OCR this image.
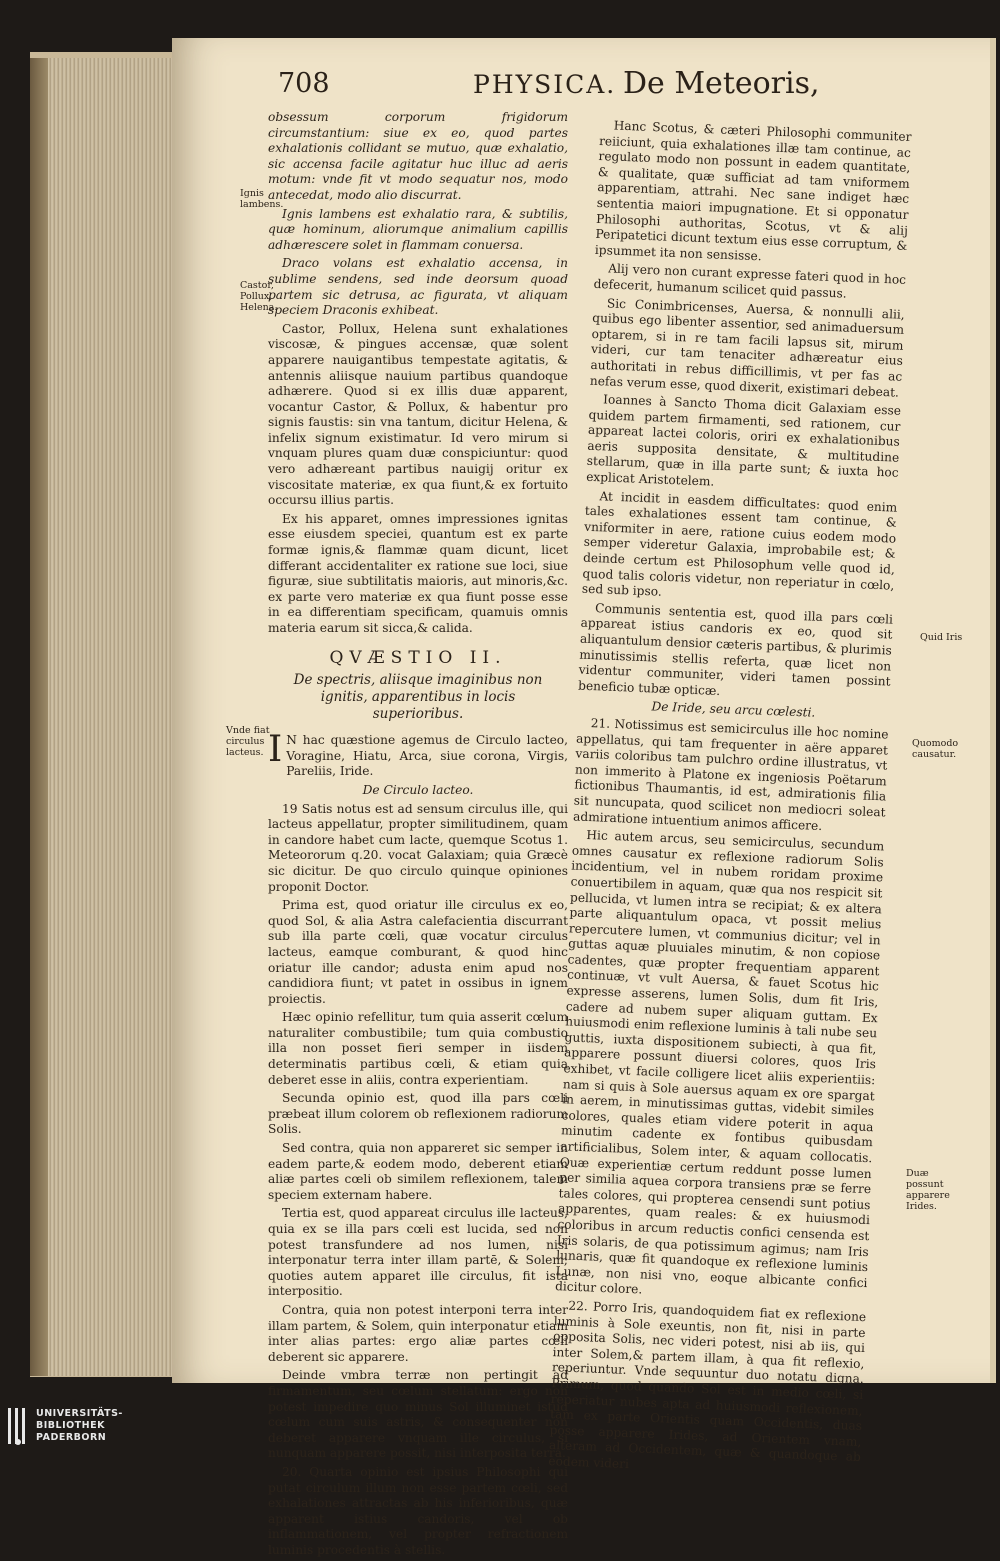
708	PHYSICA. De Meteoris,
Ignis lambens.
Castor, Pollux, Helena.
Vnde fiat circulus lacteus.
Quid Iris
Quomodo causatur.
Duæ possunt apparere Irides.

obsessum corporum frigidorum circumstantium: siue ex eo, quod partes exhalationis collidant se mutuo, quæ exhalatio, sic accensa facile agitatur huc illuc ad aeris motum: vnde fit vt modo sequatur nos, modo antecedat, modo alio discurrat.

Ignis lambens est exhalatio rara, & subtilis, quæ hominum, aliorumque animalium capillis adhærescere solet in flammam conuersa.

Draco volans est exhalatio accensa, in sublime sendens, sed inde deorsum quoad partem sic detrusa, ac figurata, vt aliquam speciem Draconis exhibeat.

Castor, Pollux, Helena sunt exhalationes viscosæ, & pingues accensæ, quæ solent apparere nauigantibus tempestate agitatis, & antennis aliisque nauium partibus quandoque adhærere. Quod si ex illis duæ apparent, vocantur Castor, & Pollux, & habentur pro signis faustis: sin vna tantum, dicitur Helena, & infelix signum existimatur. Id vero mirum si vnquam plures quam duæ conspiciuntur: quod vero adhæreant partibus nauigij oritur ex viscositate materiæ, ex qua fiunt,& ex fortuito occursu illius partis.

Ex his apparet, omnes impressiones ignitas esse eiusdem speciei, quantum est ex parte formæ ignis,& flammæ quam dicunt, licet differant accidentaliter ex ratione sue loci, siue figuræ, siue subtilitatis maioris, aut minoris,&c. ex parte vero materiæ ex qua fiunt posse esse in ea differentiam specificam, quamuis omnis materia earum sit sicca,& calida.

QVÆSTIO II.
De spectris, aliisque imaginibus non ignitis, apparentibus in locis superioribus.

I N hac quæstione agemus de Circulo lacteo, Voragine, Hiatu, Arca, siue corona, Virgis, Pareliis, Iride.

De Circulo lacteo.

19 Satis notus est ad sensum circulus ille, qui lacteus appellatur, propter similitudinem, quam in candore habet cum lacte, quemque Scotus 1. Meteororum q.20. vocat Galaxiam; quia Græcè sic dicitur. De quo circulo quinque opiniones proponit Doctor.

Prima est, quod oriatur ille circulus ex eo, quod Sol, & alia Astra calefacientia discurrant sub illa parte cœli, quæ vocatur circulus lacteus, eamque comburant, & quod hinc oriatur ille candor; adusta enim apud nos candidiora fiunt; vt patet in ossibus in ignem proiectis.

Hæc opinio refellitur, tum quia asserit cœlum naturaliter combustibile; tum quia combustio illa non posset fieri semper in iisdem determinatis partibus cœli, & etiam quia deberet esse in aliis, contra experientiam.

Secunda opinio est, quod illa pars cœli præbeat illum colorem ob reflexionem radiorum Solis.

Sed contra, quia non appareret sic semper in eadem parte,& eodem modo, deberent etiam aliæ partes cœli ob similem reflexionem, talem speciem externam habere.

Tertia est, quod appareat circulus ille lacteus, quia ex se illa pars cœli est lucida, sed non potest transfundere ad nos lumen, nisi interponatur terra inter illam partē, & Solem; quoties autem apparet ille circulus, fit ista interpositio.

Contra, quia non potest interponi terra inter illam partem, & Solem, quin interponatur etiam inter alias partes: ergo aliæ partes cœli deberent sic apparere.

Deinde vmbra terræ non pertingit ad firmamentum, seu cœlum stellatum: ergo non potest impedire quo minus Sol illuminet istud cœlum cum suis astris, & consequenter non deberet apparere vnquam ille circulus, si nunquam apparere possit, nisi interposita terra.

20. Quarta opinio est ipsius Philosophi qui putat circulum illum non esse partem cœli, sed exhalationes attractas ab his inferioribus, quæ apparent istius candoris, vel ob inflammationem, vel propter refractionem luminis procedentis à stellis.

Hanc Scotus, & cæteri Philosophi communiter reiiciunt, quia exhalationes illæ tam continue, ac regulato modo non possunt in eadem quantitate, & qualitate, quæ sufficiat ad tam vniformem apparentiam, attrahi. Nec sane indiget hæc sententia maiori impugnatione. Et si opponatur Philosophi authoritas, Scotus, vt & alij Peripatetici dicunt textum eius esse corruptum, & ipsummet ita non sensisse.

Alij vero non curant expresse fateri quod in hoc defecerit, humanum scilicet quid passus.

Sic Conimbricenses, Auersa, & nonnulli alii, quibus ego libenter assentior, sed animaduersum optarem, si in re tam facili lapsus sit, mirum videri, cur tam tenaciter adhæreatur eius authoritati in rebus difficillimis, vt per fas ac nefas verum esse, quod dixerit, existimari debeat.

Ioannes à Sancto Thoma dicit Galaxiam esse quidem partem firmamenti, sed rationem, cur appareat lactei coloris, oriri ex exhalationibus aeris supposita densitate, & multitudine stellarum, quæ in illa parte sunt; & iuxta hoc explicat Aristotelem.

At incidit in easdem difficultates: quod enim tales exhalationes essent tam continue, & vniformiter in aere, ratione cuius eodem modo semper videretur Galaxia, improbabile est; & deinde certum est Philosophum velle quod id, quod talis coloris videtur, non reperiatur in cœlo, sed sub ipso.

Communis sententia est, quod illa pars cœli appareat istius candoris ex eo, quod sit aliquantulum densior cæteris partibus, & plurimis minutissimis stellis referta, quæ licet non videntur communiter, videri tamen possint beneficio tubæ opticæ.

De Iride, seu arcu cœlesti.

21. Notissimus est semicirculus ille hoc nomine appellatus, qui tam frequenter in aëre apparet variis coloribus tam pulchro ordine illustratus, vt non immerito à Platone ex ingeniosis Poëtarum fictionibus Thaumantis, id est, admirationis filia sit nuncupata, quod scilicet non mediocri soleat admiratione intuentium animos afficere.

Hic autem arcus, seu semicirculus, secundum omnes causatur ex reflexione radiorum Solis incidentium, vel in nubem roridam proxime conuertibilem in aquam, quæ qua nos respicit sit pellucida, vt lumen intra se recipiat; & ex altera parte aliquantulum opaca, vt possit melius repercutere lumen, vt communius dicitur; vel in guttas aquæ pluuiales minutim, & non copiose cadentes, quæ propter frequentiam apparent continuæ, vt vult Auersa, & fauet Scotus hic expresse asserens, lumen Solis, dum fit Iris, cadere ad nubem super aliquam guttam. Ex huiusmodi enim reflexione luminis à tali nube seu guttis, iuxta dispositionem subiecti, à qua fit, apparere possunt diuersi colores, quos Iris exhibet, vt facile colligere licet aliis experientiis: nam si quis à Sole auersus aquam ex ore spargat in aerem, in minutissimas guttas, videbit similes colores, quales etiam videre poterit in aqua minutim cadente ex fontibus quibusdam artificialibus, Solem inter, & aquam collocatis. Quæ experientiæ certum reddunt posse lumen per similia aquea corpora transiens præ se ferre tales colores, qui propterea censendi sunt potius apparentes, quam reales: & ex huiusmodi coloribus in arcum reductis confici censenda est Iris solaris, de qua potissimum agimus; nam Iris lunaris, quæ fit quandoque ex reflexione luminis Lunæ, non nisi vno, eoque albicante confici dicitur colore.

22. Porro Iris, quandoquidem fiat ex reflexione luminis à Sole exeuntis, non fit, nisi in parte opposita Solis, nec videri potest, nisi ab iis, qui inter Solem,& partem illam, à qua fit reflexio, reperiuntur. Vnde sequuntur duo notatu digna. Primum, quod quando Sol est in medio cœli, si reperiatur nubes apta ad huiusmodi reflexionem, tam ex parte Orientis quam Occidentis, duas posse apparere Irides, ad Orientem vnam, alteram ad Occidentem, quæ & quandoque ab eodem videri

UNIVERSITÄTS-
BIBLIOTHEK
PADERBORN
